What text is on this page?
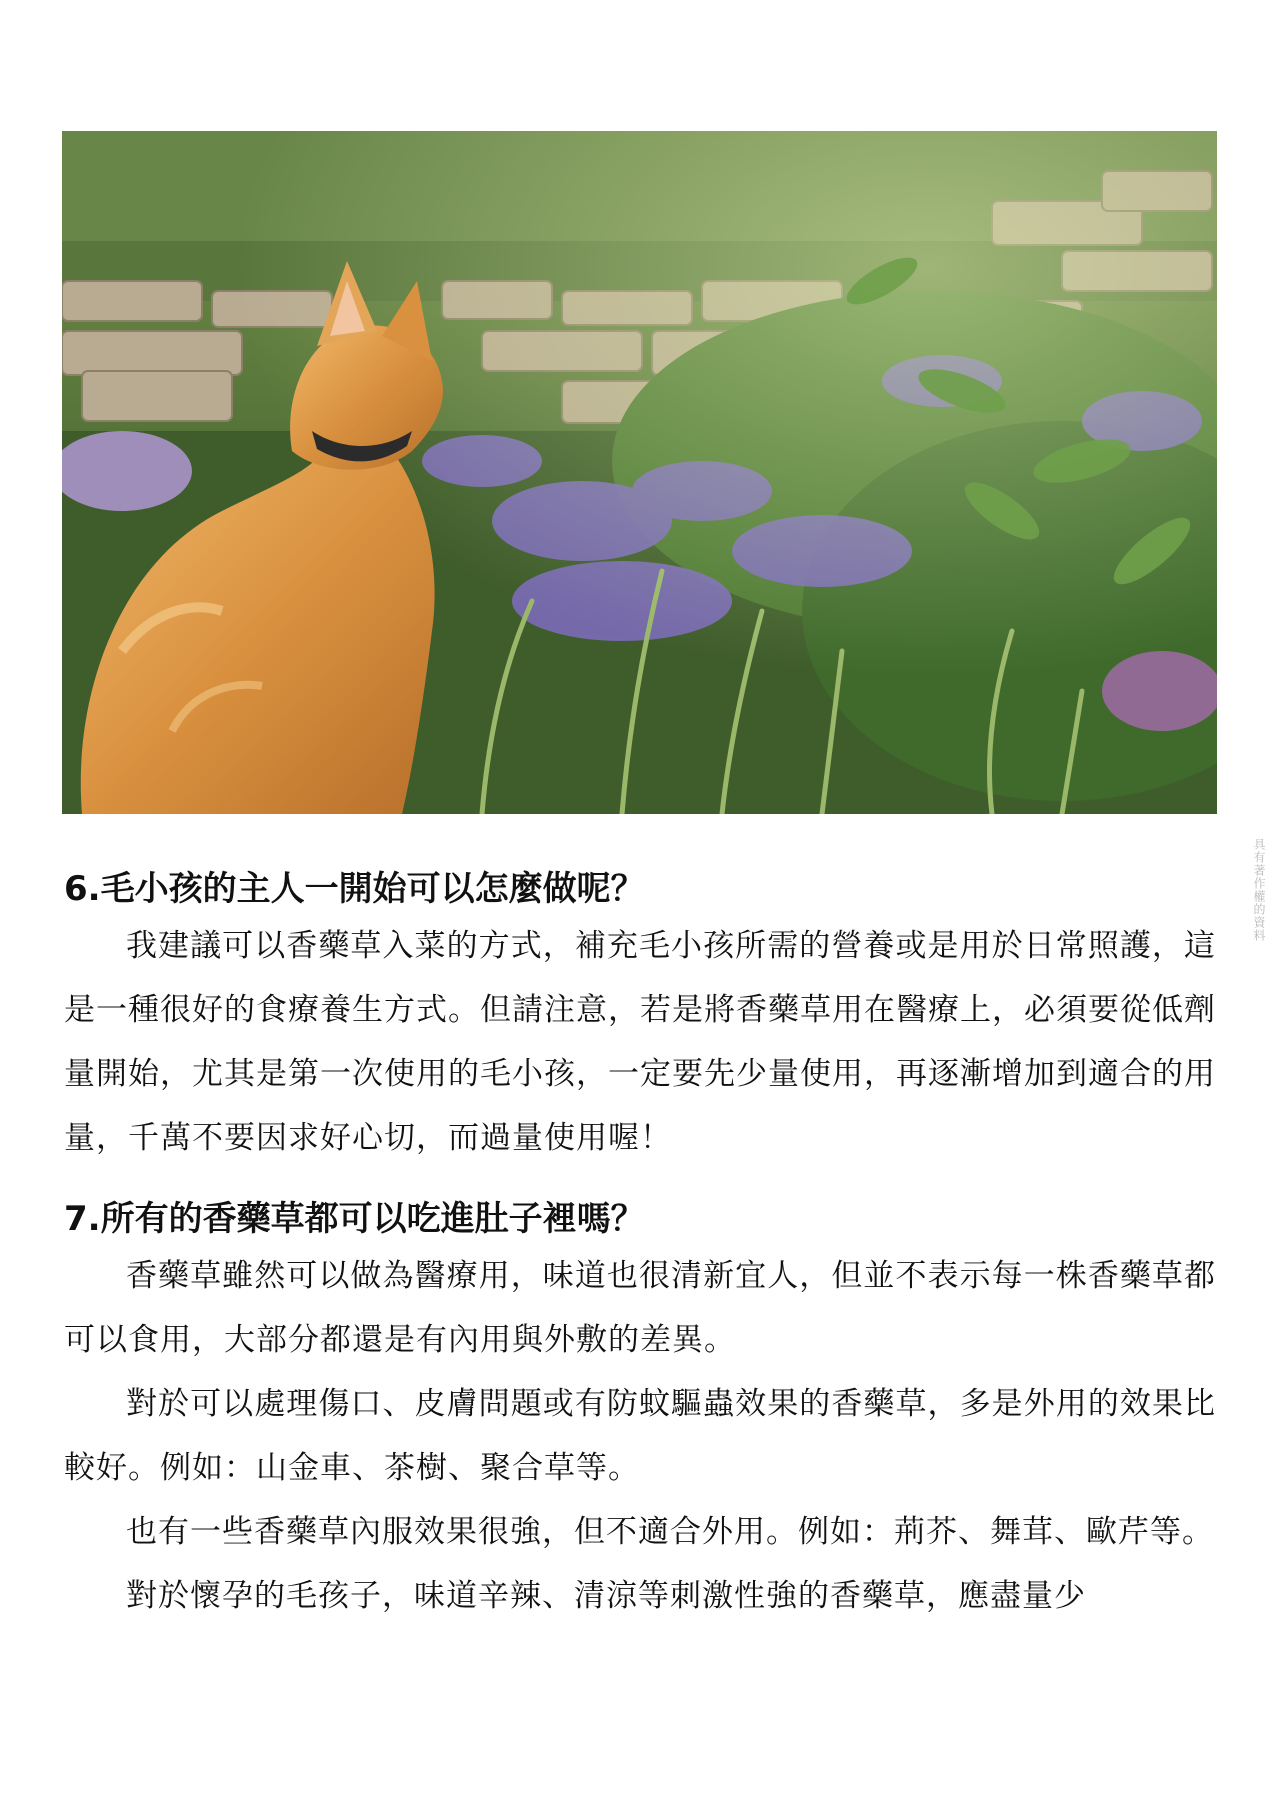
具有著作權的資料
6.毛小孩的主人一開始可以怎麼做呢？

我建議可以香藥草入菜的方式，補充毛小孩所需的營養或是用於日常照護，這是一種很好的食療養生方式。但請注意，若是將香藥草用在醫療上，必須要從低劑量開始，尤其是第一次使用的毛小孩，一定要先少量使用，再逐漸增加到適合的用量，千萬不要因求好心切，而過量使用喔！

7.所有的香藥草都可以吃進肚子裡嗎？

香藥草雖然可以做為醫療用，味道也很清新宜人，但並不表示每一株香藥草都可以食用，大部分都還是有內用與外敷的差異。

對於可以處理傷口、皮膚問題或有防蚊驅蟲效果的香藥草，多是外用的效果比較好。例如：山金車、茶樹、聚合草等。

也有一些香藥草內服效果很強，但不適合外用。例如：荊芥、舞茸、歐芹等。

對於懷孕的毛孩子，味道辛辣、清涼等刺激性強的香藥草，應盡量少
